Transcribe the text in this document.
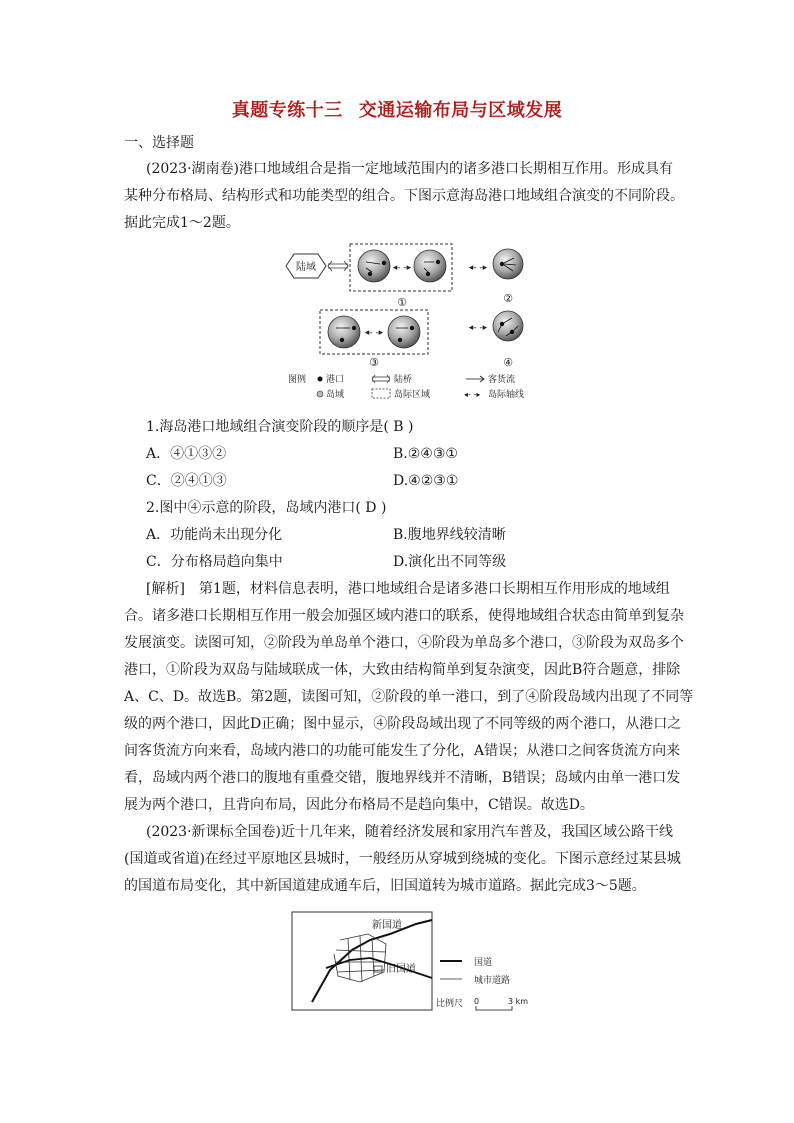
真题专练十三 交通运输布局与区域发展
一、选择题
(2023·湖南卷)港口地域组合是指一定地域范围内的诸多港口长期相互作用。形成具有
某种分布格局、结构形式和功能类型的组合。下图示意海岛港口地域组合演变的不同阶段。
据此完成1～2题。
陆域	◂- -▸
①
◂- -▸
②
◂- -▸
③
◂- -▸
④
图例 港口
岛域
陆桥
岛际区域
客货流
◂- -▸ 岛际轴线
1.海岛港口地域组合演变阶段的顺序是( B )
A．④①③②	B.②④③①
C．②④①③	D.④②③①
2.图中④示意的阶段，岛域内港口( D )
A．功能尚未出现分化	B.腹地界线较清晰
C．分布格局趋向集中	D.演化出不同等级
[解析]　第1题，材料信息表明，港口地域组合是诸多港口长期相互作用形成的地域组
合。诸多港口长期相互作用一般会加强区域内港口的联系，使得地域组合状态由简单到复杂
发展演变。读图可知，②阶段为单岛单个港口，④阶段为单岛多个港口，③阶段为双岛多个
港口，①阶段为双岛与陆域联成一体，大致由结构简单到复杂演变，因此B符合题意，排除
A、C、D。故选B。第2题，读图可知，②阶段的单一港口，到了④阶段岛域内出现了不同等
级的两个港口，因此D正确；图中显示，④阶段岛域出现了不同等级的两个港口，从港口之
间客货流方向来看，岛域内港口的功能可能发生了分化，A错误；从港口之间客货流方向来
看，岛域内两个港口的腹地有重叠交错，腹地界线并不清晰，B错误；岛域内由单一港口发
展为两个港口，且背向布局，因此分布格局不是趋向集中，C错误。故选D。
(2023·新课标全国卷)近十几年来，随着经济发展和家用汽车普及，我国区域公路干线
(国道或省道)在经过平原地区县城时，一般经历从穿城到绕城的变化。下图示意经过某县城
的国道布局变化，其中新国道建成通车后，旧国道转为城市道路。据此完成3～5题。
新国道
旧国道
国道
城市道路
比例尺 0	3 km
